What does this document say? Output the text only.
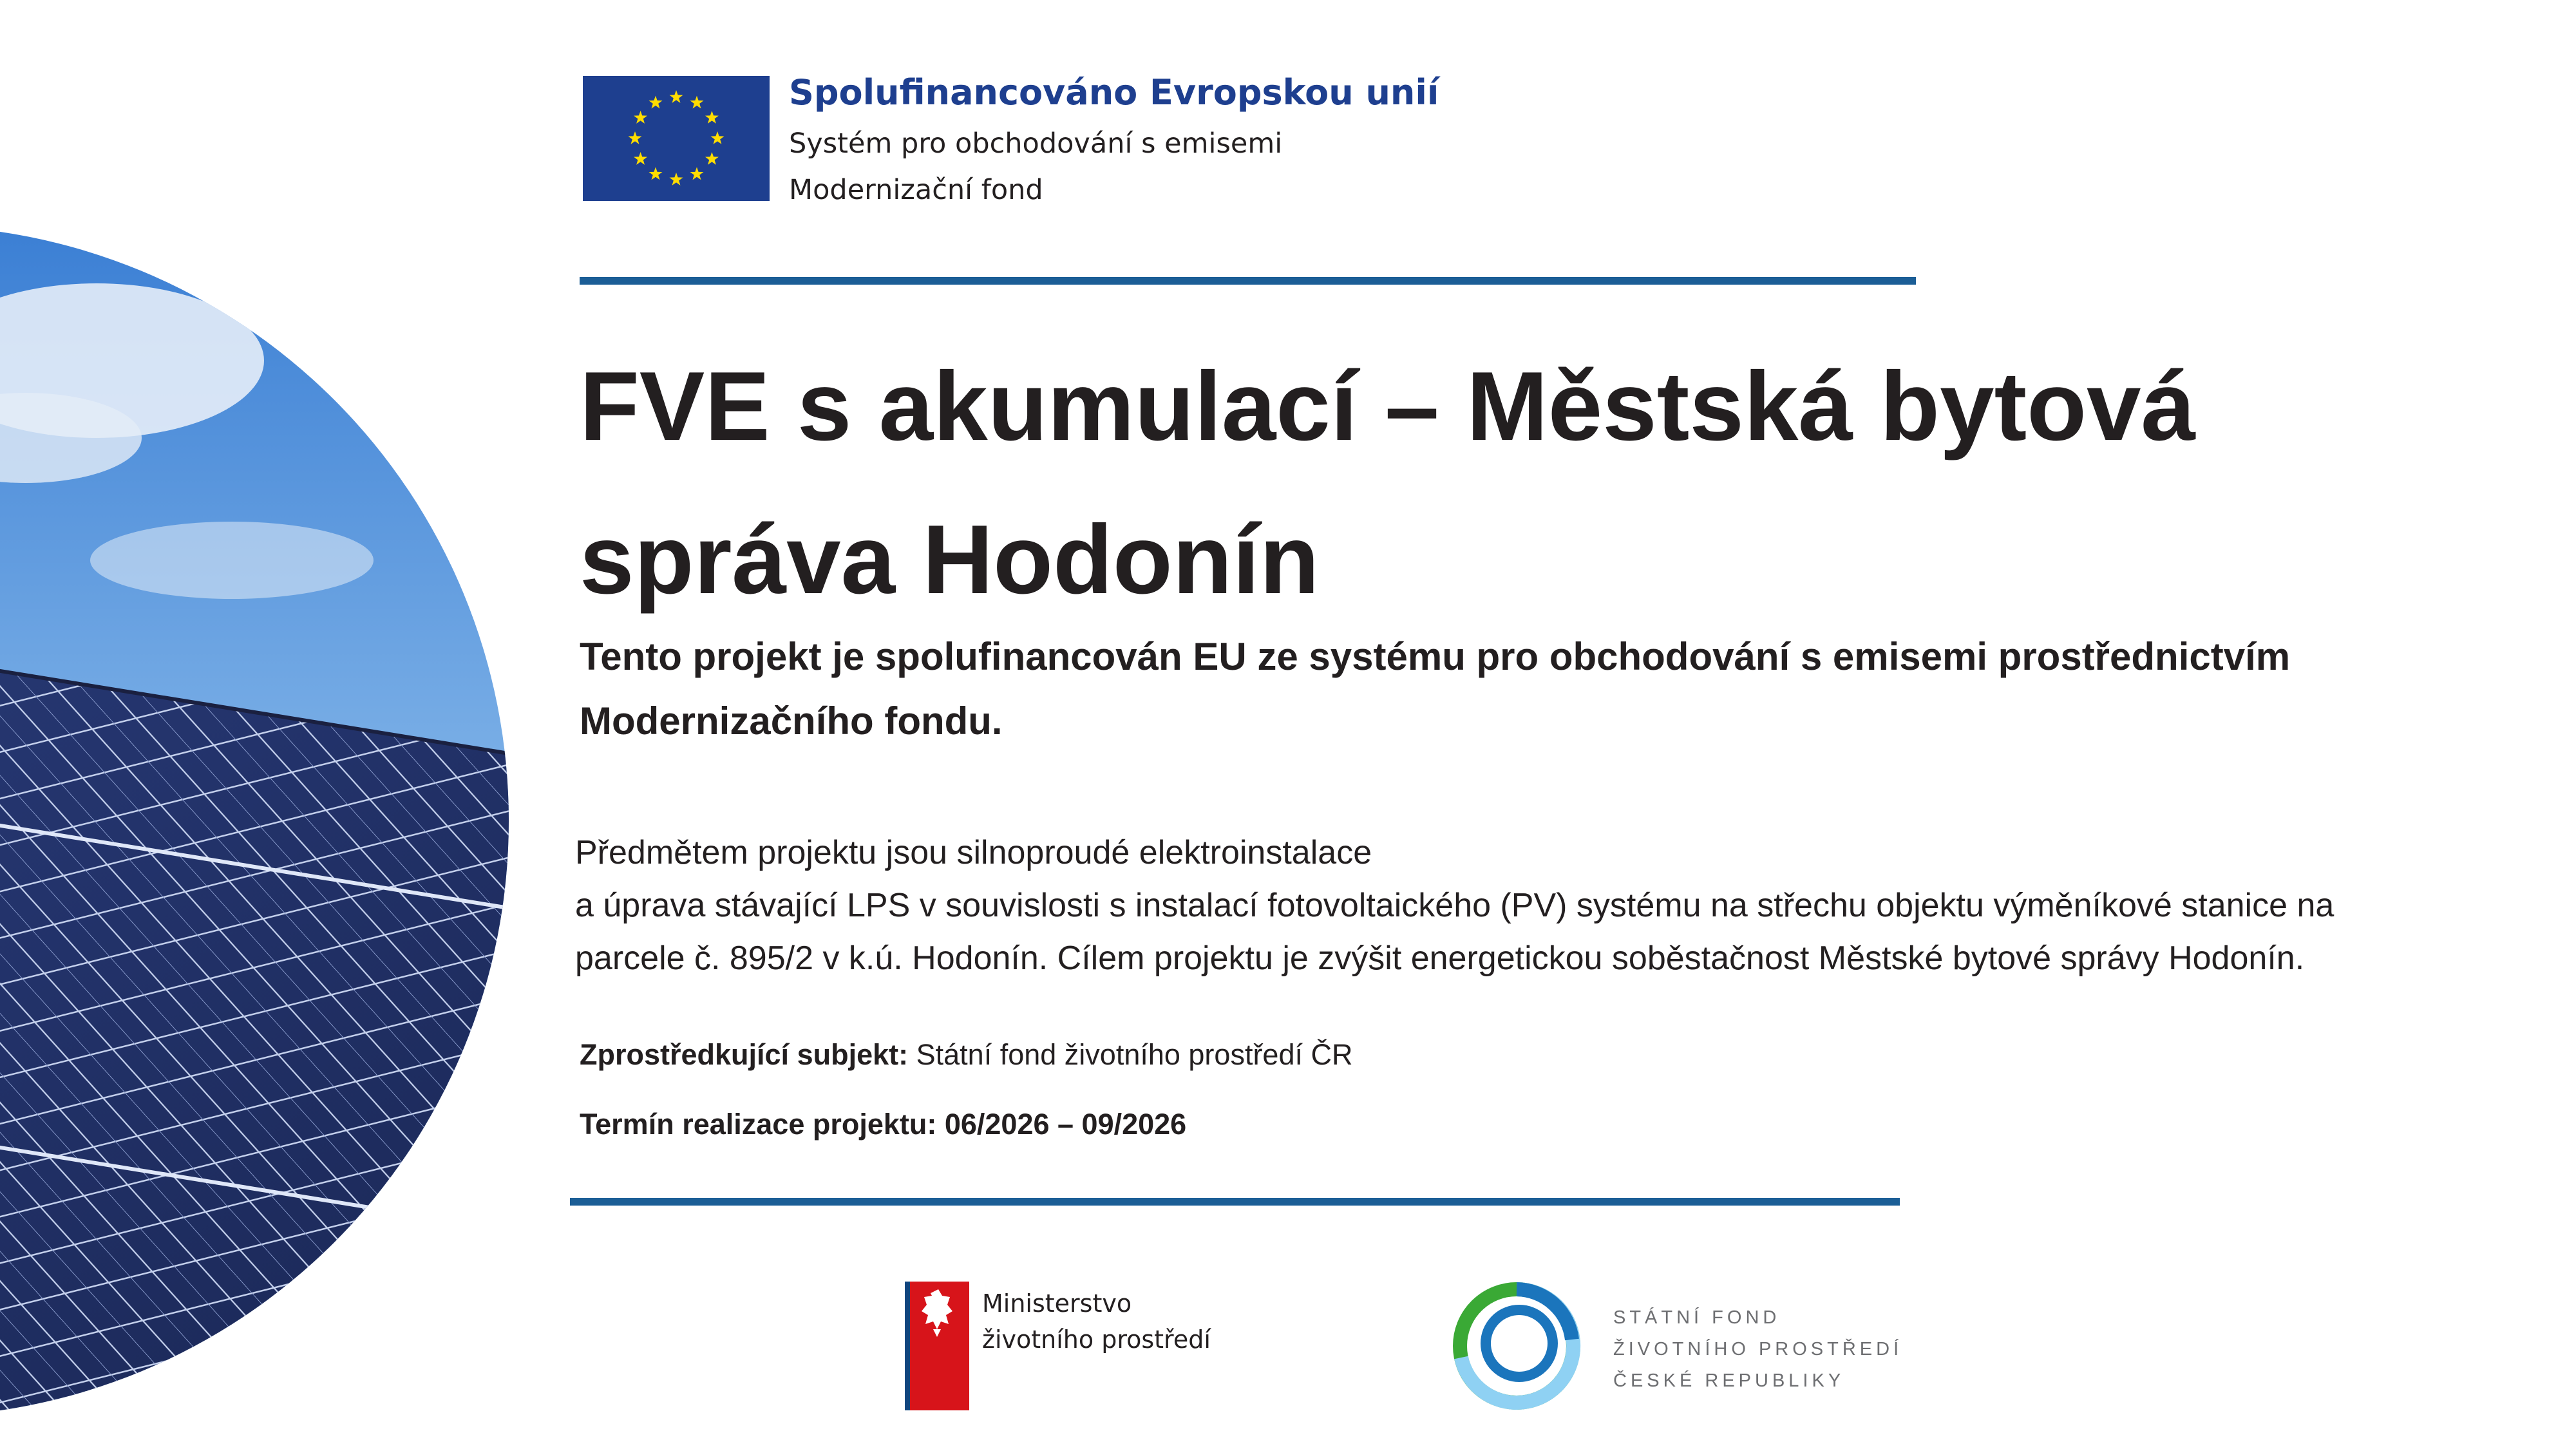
Spolufinancováno Evropskou unií
Systém pro obchodování s emisemi
Modernizační fond
FVE s akumulací – Městská bytová správa Hodonín

Tento projekt je spolufinancován EU ze systému pro obchodování s emisemi prostřednictvím Modernizačního fondu.

Předmětem projektu jsou silnoproudé elektroinstalace
a úprava stávající LPS v souvislosti s instalací fotovoltaického (PV) systému na střechu objektu výměníkové stanice na
parcele č. 895/2 v k.ú. Hodonín. Cílem projektu je zvýšit energetickou soběstačnost Městské bytové správy Hodonín.

Zprostředkující subjekt: Státní fond životního prostředí ČR
Termín realizace projektu: 06/2026 – 09/2026
Ministerstvo
životního prostředí
STÁTNÍ FOND
ŽIVOTNÍHO PROSTŘEDÍ
ČESKÉ REPUBLIKY
